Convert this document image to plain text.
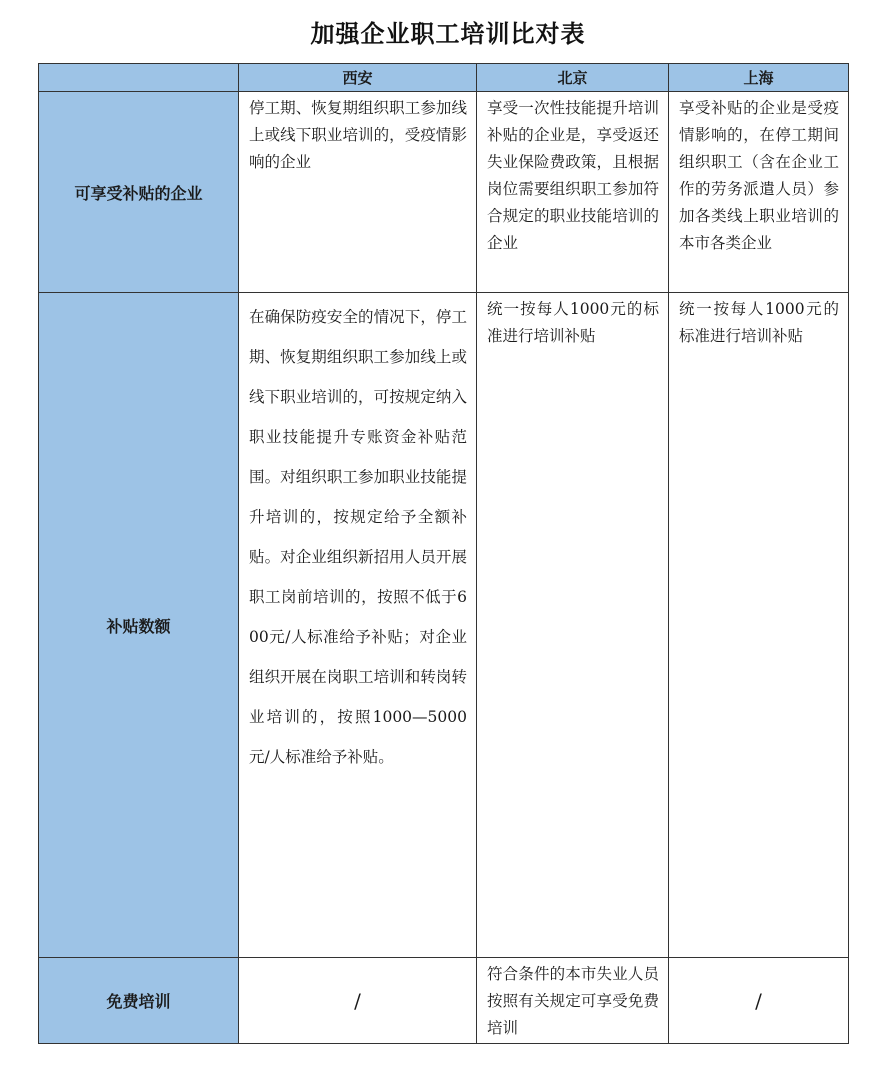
加强企业职工培训比对表
	西安	北京	上海
可享受补贴的企业	停工期、恢复期组织职工参加线上或线下职业培训的，受疫情影响的企业	享受一次性技能提升培训补贴的企业是，享受返还失业保险费政策，且根据岗位需要组织职工参加符合规定的职业技能培训的企业	享受补贴的企业是受疫情影响的，在停工期间组织职工（含在企业工作的劳务派遣人员）参加各类线上职业培训的本市各类企业

补贴数额	在确保防疫安全的情况下，停工期、恢复期组织职工参加线上或线下职业培训的，可按规定纳入职业技能提升专账资金补贴范围。对组织职工参加职业技能提升培训的，按规定给予全额补贴。对企业组织新招用人员开展职工岗前培训的，按照不低于600元/人标准给予补贴；对企业组织开展在岗职工培训和转岗转业培训的，按照1000—5000元/人标准给予补贴。	统一按每人1000元的标准进行培训补贴	统一按每人1000元的标准进行培训补贴

免费培训	/	符合条件的本市失业人员按照有关规定可享受免费培训	/
